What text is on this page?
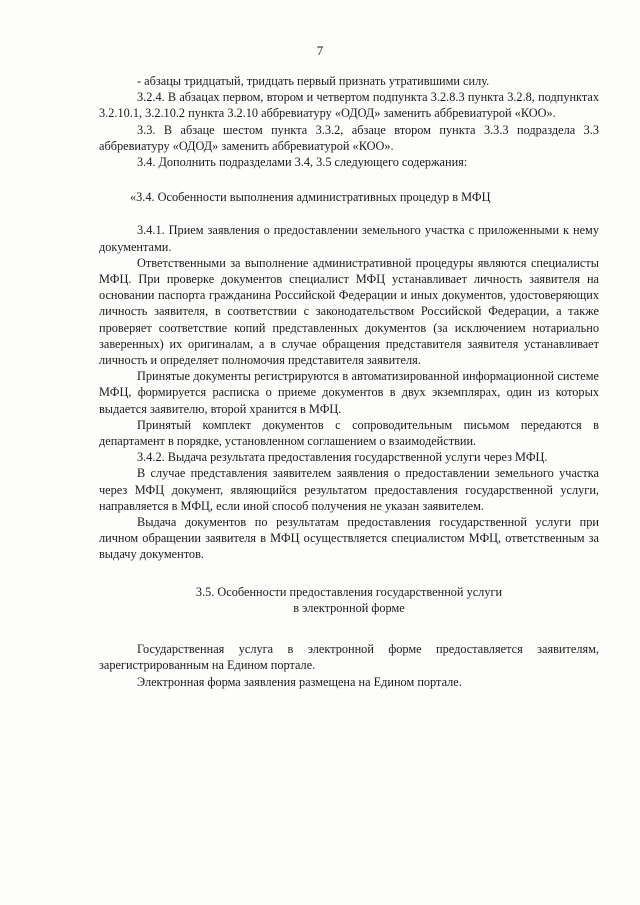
7

- абзацы тридцатый, тридцать первый признать утратившими силу.

3.2.4. В абзацах первом, втором и четвертом подпункта 3.2.8.3 пункта 3.2.8, подпунктах 3.2.10.1, 3.2.10.2 пункта 3.2.10 аббревиатуру «ОДОД» заменить аббревиатурой «КОО».

3.3. В абзаце шестом пункта 3.3.2, абзаце втором пункта 3.3.3 подраздела 3.3 аббревиатуру «ОДОД» заменить аббревиатурой «КОО».

3.4. Дополнить подразделами 3.4, 3.5 следующего содержания:

«3.4. Особенности выполнения административных процедур в МФЦ

3.4.1. Прием заявления о предоставлении земельного участка с приложенными к нему документами.

Ответственными за выполнение административной процедуры являются специалисты МФЦ. При проверке документов специалист МФЦ устанавливает личность заявителя на основании паспорта гражданина Российской Федерации и иных документов, удостоверяющих личность заявителя, в соответствии с законодательством Российской Федерации, а также проверяет соответствие копий представленных документов (за исключением нотариально заверенных) их оригиналам, а в случае обращения представителя заявителя устанавливает личность и определяет полномочия представителя заявителя.

Принятые документы регистрируются в автоматизированной информационной системе МФЦ, формируется расписка о приеме документов в двух экземплярах, один из которых выдается заявителю, второй хранится в МФЦ.

Принятый комплект документов с сопроводительным письмом передаются в департамент в порядке, установленном соглашением о взаимодействии.

3.4.2. Выдача результата предоставления государственной услуги через МФЦ.

В случае представления заявителем заявления о предоставлении земельного участка через МФЦ документ, являющийся результатом предоставления государственной услуги, направляется в МФЦ, если иной способ получения не указан заявителем.

Выдача документов по результатам предоставления государственной услуги при личном обращении заявителя в МФЦ осуществляется специалистом МФЦ, ответственным за выдачу документов.

3.5. Особенности предоставления государственной услуги
в электронной форме

Государственная услуга в электронной форме предоставляется заявителям, зарегистрированным на Едином портале.

Электронная форма заявления размещена на Едином портале.
